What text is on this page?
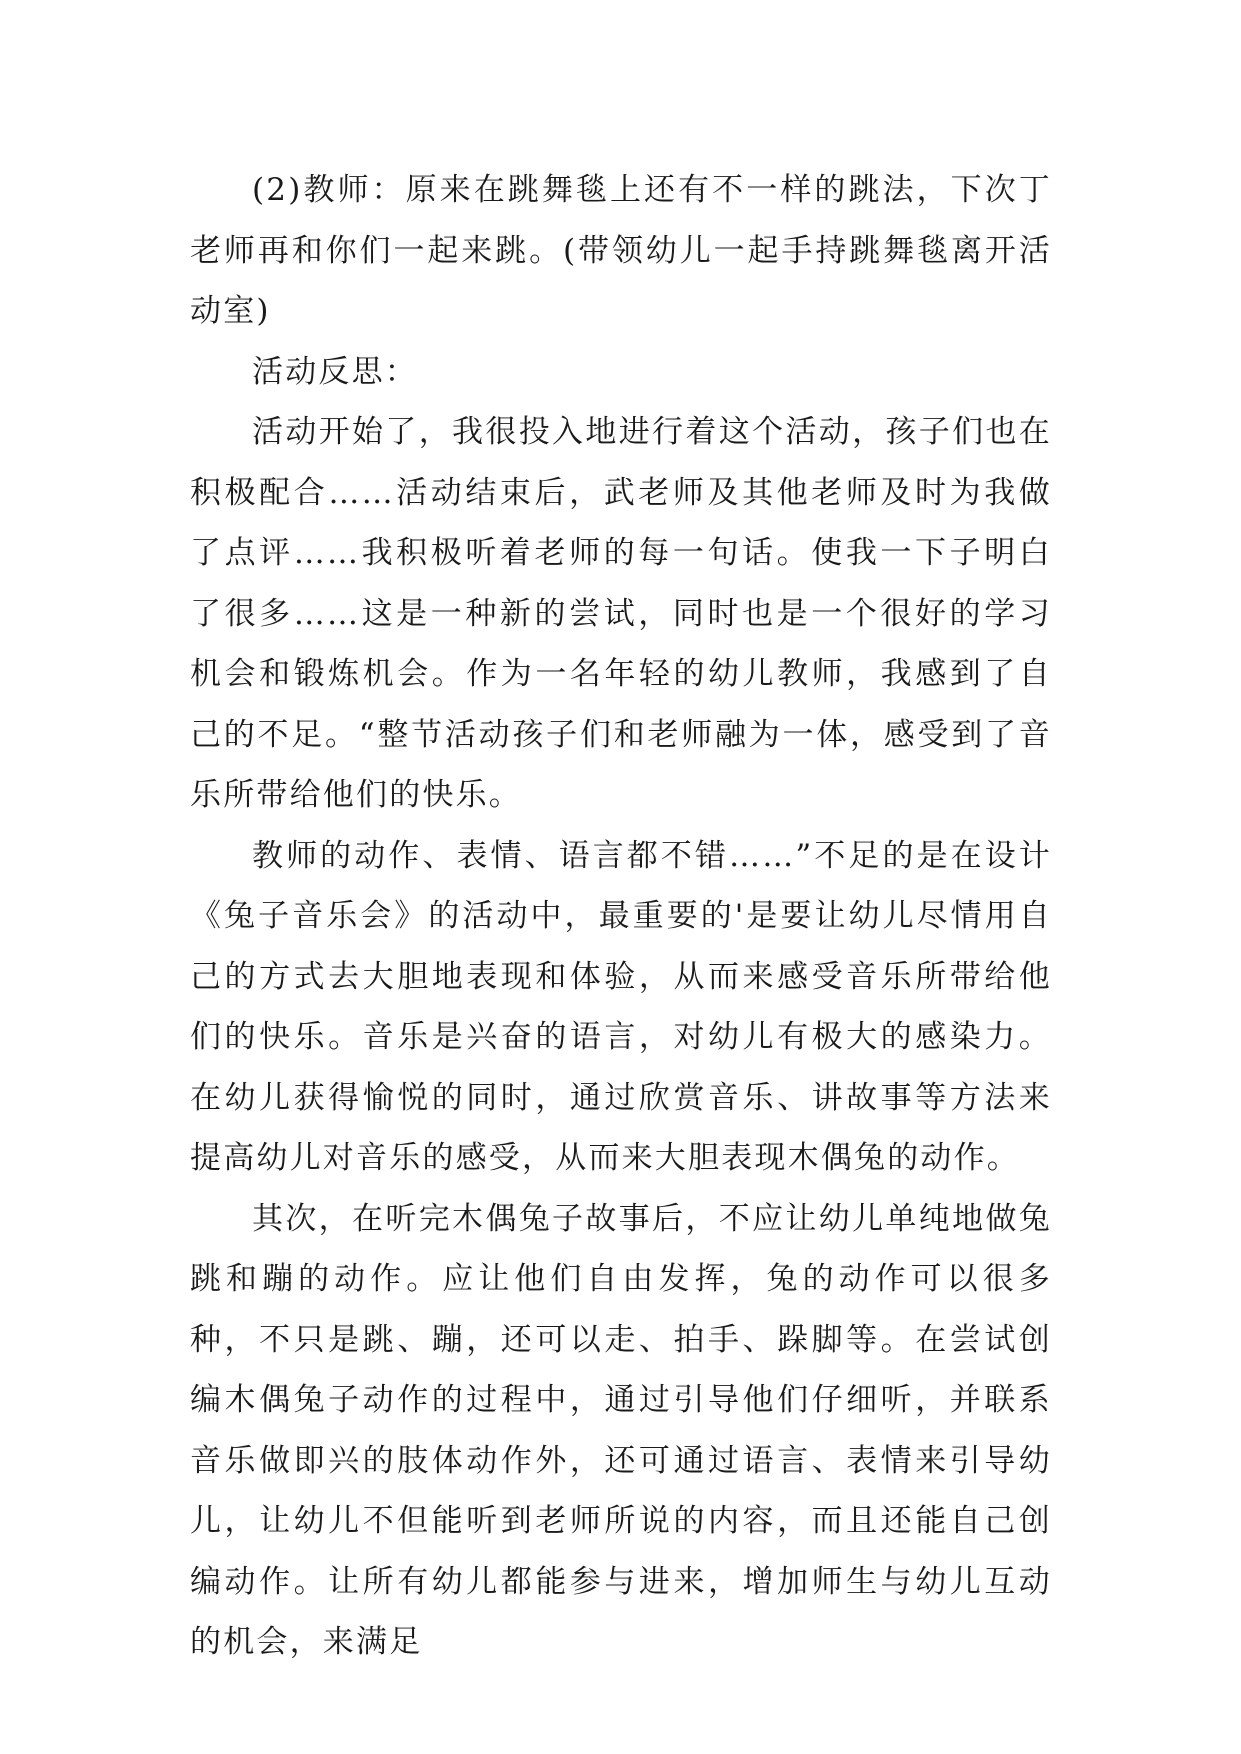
(2)教师：原来在跳舞毯上还有不一样的跳法，下次丁老师再和你们一起来跳。(带领幼儿一起手持跳舞毯离开活动室)

活动反思：

活动开始了，我很投入地进行着这个活动，孩子们也在积极配合……活动结束后，武老师及其他老师及时为我做了点评……我积极听着老师的每一句话。使我一下子明白了很多……这是一种新的尝试，同时也是一个很好的学习机会和锻炼机会。作为一名年轻的幼儿教师，我感到了自己的不足。“整节活动孩子们和老师融为一体，感受到了音乐所带给他们的快乐。

教师的动作、表情、语言都不错……”不足的是在设计《兔子音乐会》的活动中，最重要的'是要让幼儿尽情用自己的方式去大胆地表现和体验，从而来感受音乐所带给他们的快乐。音乐是兴奋的语言，对幼儿有极大的感染力。在幼儿获得愉悦的同时，通过欣赏音乐、讲故事等方法来提高幼儿对音乐的感受，从而来大胆表现木偶兔的动作。

其次，在听完木偶兔子故事后，不应让幼儿单纯地做兔跳和蹦的动作。应让他们自由发挥，兔的动作可以很多种，不只是跳、蹦，还可以走、拍手、跺脚等。在尝试创编木偶兔子动作的过程中，通过引导他们仔细听，并联系音乐做即兴的肢体动作外，还可通过语言、表情来引导幼儿，让幼儿不但能听到老师所说的内容，而且还能自己创编动作。让所有幼儿都能参与进来，增加师生与幼儿互动的机会，来满足
